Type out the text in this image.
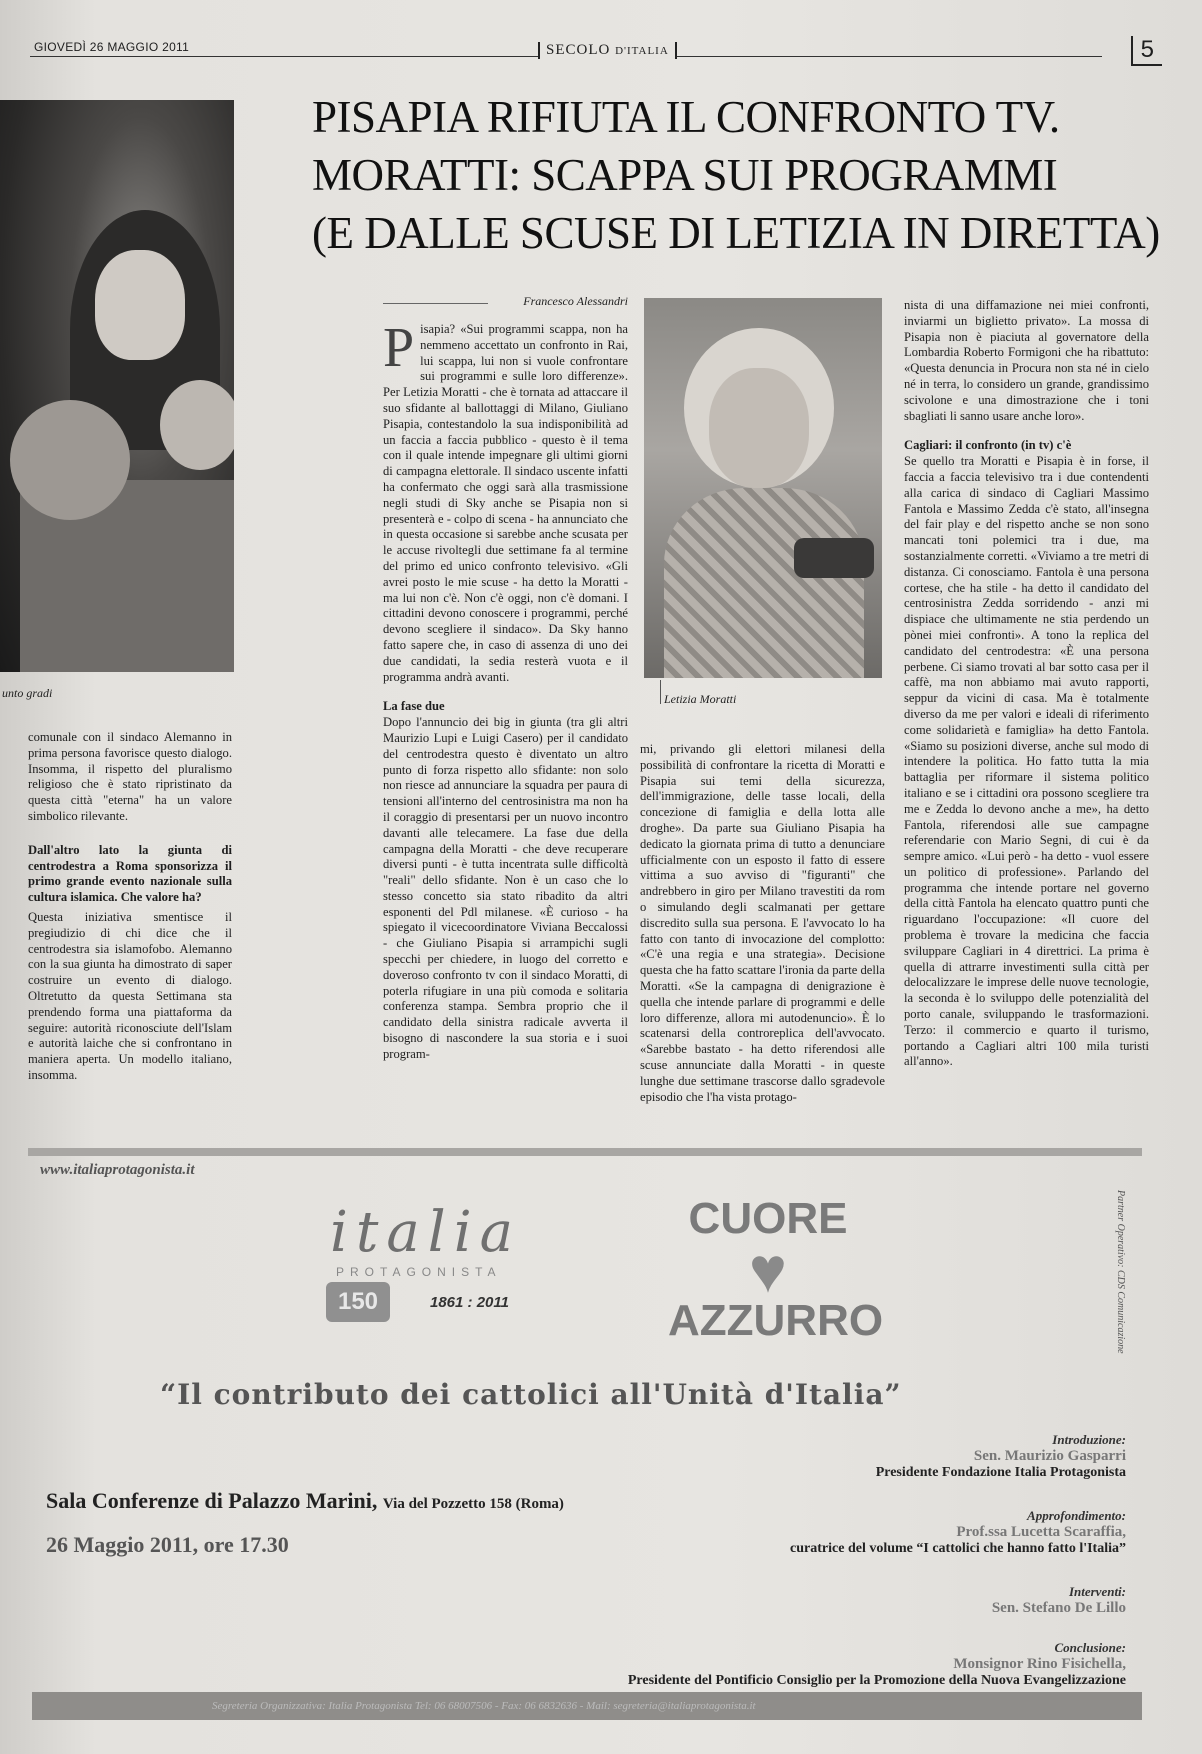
GIOVEDÌ 26 MAGGIO 2011	SECOLO D'ITALIA	5
unto gradi
PISAPIA RIFIUTA IL CONFRONTO TV.
MORATTI: SCAPPA SUI PROGRAMMI
(E DALLE SCUSE DI LETIZIA IN DIRETTA)
Francesco Alessandri
comunale con il sindaco Alemanno in prima persona favorisce questo dialogo. Insomma, il rispetto del pluralismo religioso che è stato ripristinato da questa città "eterna" ha un valore simbolico rilevante.
Dall'altro lato la giunta di centrodestra a Roma sponsorizza il primo grande evento nazionale sulla cultura islamica. Che valore ha?
Questa iniziativa smentisce il pregiudizio di chi dice che il centrodestra sia islamofobo. Alemanno con la sua giunta ha dimostrato di saper costruire un evento di dialogo. Oltretutto da questa Settimana sta prendendo forma una piattaforma da seguire: autorità riconosciute dell'Islam e autorità laiche che si confrontano in maniera aperta. Un modello italiano, insomma.
P isapia? «Sui programmi scappa, non ha nemmeno accettato un confronto in Rai, lui scappa, lui non si vuole confrontare sui programmi e sulle loro differenze». Per Letizia Moratti - che è tornata ad attaccare il suo sfidante al ballottaggi di Milano, Giuliano Pisapia, contestandolo la sua indisponibilità ad un faccia a faccia pubblico - questo è il tema con il quale intende impegnare gli ultimi giorni di campagna elettorale. Il sindaco uscente infatti ha confermato che oggi sarà alla trasmissione negli studi di Sky anche se Pisapia non si presenterà e - colpo di scena - ha annunciato che in questa occasione si sarebbe anche scusata per le accuse rivoltegli due settimane fa al termine del primo ed unico confronto televisivo. «Gli avrei posto le mie scuse - ha detto la Moratti - ma lui non c'è. Non c'è oggi, non c'è domani. I cittadini devono conoscere i programmi, perché devono scegliere il sindaco». Da Sky hanno fatto sapere che, in caso di assenza di uno dei due candidati, la sedia resterà vuota e il programma andrà avanti.
La fase due
Dopo l'annuncio dei big in giunta (tra gli altri Maurizio Lupi e Luigi Casero) per il candidato del centrodestra questo è diventato un altro punto di forza rispetto allo sfidante: non solo non riesce ad annunciare la squadra per paura di tensioni all'interno del centrosinistra ma non ha il coraggio di presentarsi per un nuovo incontro davanti alle telecamere. La fase due della campagna della Moratti - che deve recuperare diversi punti - è tutta incentrata sulle difficoltà "reali" dello sfidante. Non è un caso che lo stesso concetto sia stato ribadito da altri esponenti del Pdl milanese. «È curioso - ha spiegato il vicecoordinatore Viviana Beccalossi - che Giuliano Pisapia si arrampichi sugli specchi per chiedere, in luogo del corretto e doveroso confronto tv con il sindaco Moratti, di poterla rifugiare in una più comoda e solitaria conferenza stampa. Sembra proprio che il candidato della sinistra radicale avverta il bisogno di nascondere la sua storia e i suoi program-
Letizia Moratti
mi, privando gli elettori milanesi della possibilità di confrontare la ricetta di Moratti e Pisapia sui temi della sicurezza, dell'immigrazione, delle tasse locali, della concezione di famiglia e della lotta alle droghe». Da parte sua Giuliano Pisapia ha dedicato la giornata prima di tutto a denunciare ufficialmente con un esposto il fatto di essere vittima a suo avviso di "figuranti" che andrebbero in giro per Milano travestiti da rom o simulando degli scalmanati per gettare discredito sulla sua persona. E l'avvocato lo ha fatto con tanto di invocazione del complotto: «C'è una regia e una strategia». Decisione questa che ha fatto scattare l'ironia da parte della Moratti. «Se la campagna di denigrazione è quella che intende parlare di programmi e delle loro differenze, allora mi autodenuncio». È lo scatenarsi della controreplica dell'avvocato. «Sarebbe bastato - ha detto riferendosi alle scuse annunciate dalla Moratti - in queste lunghe due settimane trascorse dallo sgradevole episodio che l'ha vista protago-
nista di una diffamazione nei miei confronti, inviarmi un biglietto privato». La mossa di Pisapia non è piaciuta al governatore della Lombardia Roberto Formigoni che ha ribattuto: «Questa denuncia in Procura non sta né in cielo né in terra, lo considero un grande, grandissimo scivolone e una dimostrazione che i toni sbagliati li sanno usare anche loro».
Cagliari: il confronto (in tv) c'è
Se quello tra Moratti e Pisapia è in forse, il faccia a faccia televisivo tra i due contendenti alla carica di sindaco di Cagliari Massimo Fantola e Massimo Zedda c'è stato, all'insegna del fair play e del rispetto anche se non sono mancati toni polemici tra i due, ma sostanzialmente corretti. «Viviamo a tre metri di distanza. Ci conosciamo. Fantola è una persona cortese, che ha stile - ha detto il candidato del centrosinistra Zedda sorridendo - anzi mi dispiace che ultimamente ne stia perdendo un pònei miei confronti». A tono la replica del candidato del centrodestra: «È una persona perbene. Ci siamo trovati al bar sotto casa per il caffè, ma non abbiamo mai avuto rapporti, seppur da vicini di casa. Ma è totalmente diverso da me per valori e ideali di riferimento come solidarietà e famiglia» ha detto Fantola. «Siamo su posizioni diverse, anche sul modo di intendere la politica. Ho fatto tutta la mia battaglia per riformare il sistema politico italiano e se i cittadini ora possono scegliere tra me e Zedda lo devono anche a me», ha detto Fantola, riferendosi alle sue campagne referendarie con Mario Segni, di cui è da sempre amico. «Lui però - ha detto - vuol essere un politico di professione». Parlando del programma che intende portare nel governo della città Fantola ha elencato quattro punti che riguardano l'occupazione: «Il cuore del problema è trovare la medicina che faccia sviluppare Cagliari in 4 direttrici. La prima è quella di attrarre investimenti sulla città per delocalizzare le imprese delle nuove tecnologie, la seconda è lo sviluppo delle potenzialità del porto canale, sviluppando le trasformazioni. Terzo: il commercio e quarto il turismo, portando a Cagliari altri 100 mila turisti all'anno».
www.italiaprotagonista.it
Partner Operativo: CDS Comunicazione
italia
PROTAGONISTA
150	1861 : 2011
CUORE
♥
AZZURRO
“Il contributo dei cattolici all'Unità d'Italia”
Sala Conferenze di Palazzo Marini, Via del Pozzetto 158 (Roma)
26 Maggio 2011, ore 17.30
Introduzione:
Sen. Maurizio Gasparri
Presidente Fondazione Italia Protagonista
Approfondimento:
Prof.ssa Lucetta Scaraffia,
curatrice del volume “I cattolici che hanno fatto l'Italia”
Interventi:
Sen. Stefano De Lillo
Conclusione:
Monsignor Rino Fisichella,
Presidente del Pontificio Consiglio per la Promozione della Nuova Evangelizzazione
Segreteria Organizzativa: Italia Protagonista Tel: 06 68007506 - Fax: 06 6832636 - Mail: segreteria@italiaprotagonista.it
